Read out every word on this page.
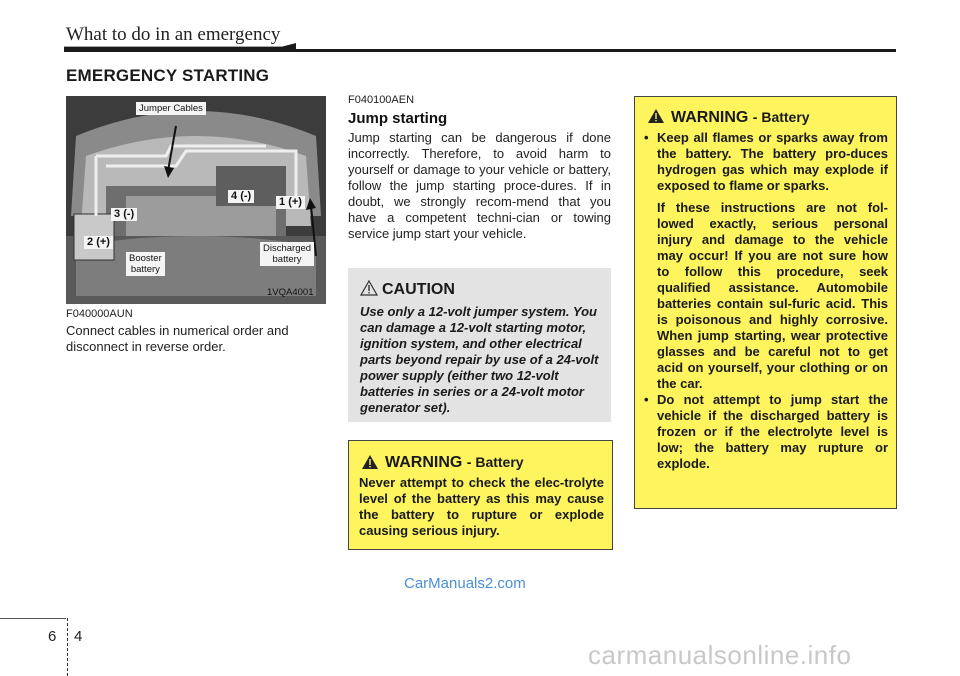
What to do in an emergency
EMERGENCY STARTING
Jumper Cables
Booster
battery
Discharged
battery
1VQA4001
3 (-)
2 (+)
4 (-)	1 (+)
F040000AUN
Connect cables in numerical order and disconnect in reverse order.
F040100AEN
Jump starting
Jump starting can be dangerous if done incorrectly. Therefore, to avoid harm to yourself or damage to your vehicle or battery, follow the jump starting proce-dures. If in doubt, we strongly recom-mend that you have a competent techni-cian or towing service jump start your vehicle.
CAUTION
Use only a 12-volt jumper system. You can damage a 12-volt starting motor, ignition system, and other electrical parts beyond repair by use of a 24-volt power supply (either two 12-volt batteries in series or a 24-volt motor generator set).
WARNING - Battery
Never attempt to check the elec-trolyte level of the battery as this may cause the battery to rupture or explode causing serious injury.
WARNING - Battery
• Keep all flames or sparks away from the battery. The battery pro-duces hydrogen gas which may explode if exposed to flame or sparks.
If these instructions are not fol-lowed exactly, serious personal injury and damage to the vehicle may occur! If you are not sure how to follow this procedure, seek qualified assistance. Automobile batteries contain sul-furic acid. This is poisonous and highly corrosive. When jump starting, wear protective glasses and be careful not to get acid on yourself, your clothing or on the car.
• Do not attempt to jump start the vehicle if the discharged battery is frozen or if the electrolyte level is low; the battery may rupture or explode.
CarManuals2.com
6 4
carmanualsonline.info
